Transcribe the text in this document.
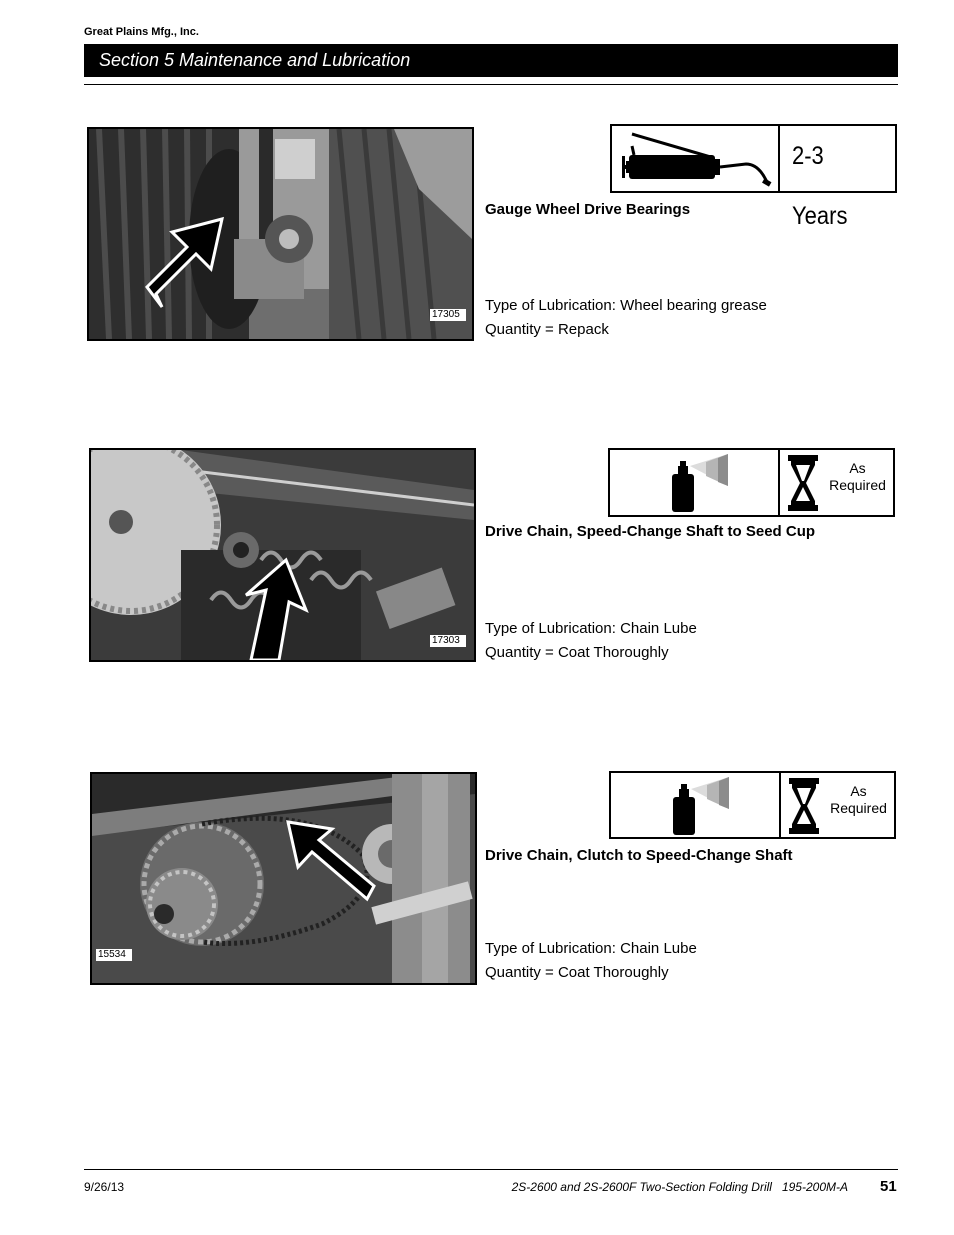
Great Plains Mfg., Inc.
Section 5 Maintenance and Lubrication
17305
2-3 Years
Gauge Wheel Drive Bearings
Type of Lubrication: Wheel bearing grease
Quantity = Repack
17303
As
Required
Drive Chain, Speed-Change Shaft to Seed Cup
Type of Lubrication: Chain Lube
Quantity = Coat Thoroughly
15534
As
Required
Drive Chain, Clutch to Speed-Change Shaft
Type of Lubrication: Chain Lube
Quantity = Coat Thoroughly
9/26/13	2S-2600 and 2S-2600F Two-Section Folding Drill   195-200M-A 51
